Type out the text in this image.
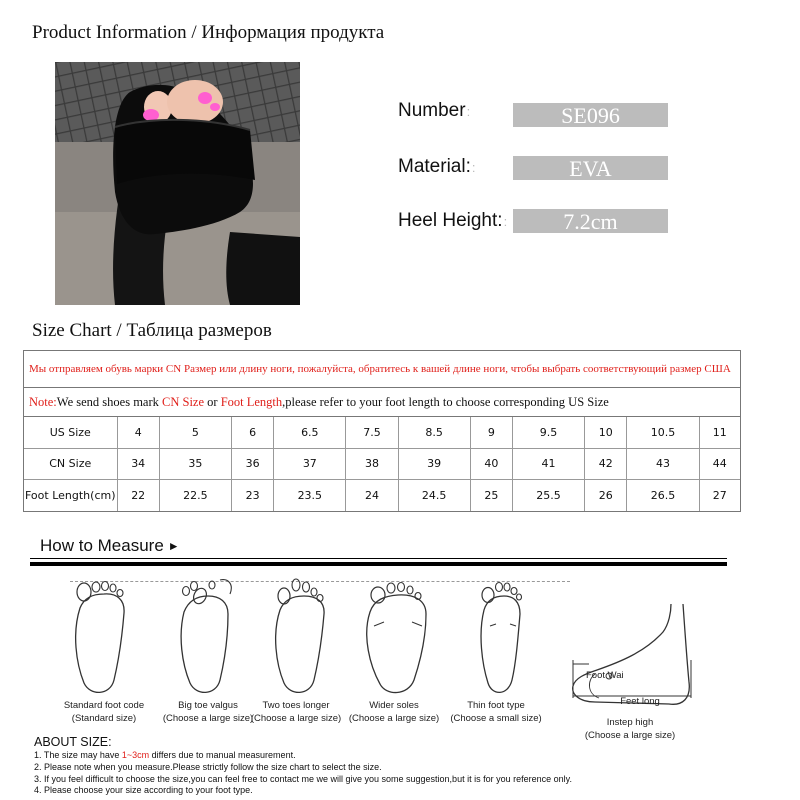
Product Information / Информация продукта
Number:	SE096
Material::	EVA
Heel Height::	7.2cm
Size Chart / Таблица размеров
Мы отправляем обувь марки CN Размер или длину ноги, пожалуйста, обратитесь к вашей длине ноги, чтобы выбрать соответствующий размер США
Note:We send shoes mark CN Size or Foot Length,please refer to your foot length to choose corresponding US Size
US Size	4	5	6	6.5	7.5	8.5	9	9.5	10	10.5	11
CN Size	34	35	36	37	38	39	40	41	42	43	44
Foot Length(cm)	22	22.5	23	23.5	24	24.5	25	25.5	26	26.5	27
How to Measure ►
Standard foot code
(Standard size)
Big toe valgus
(Choose a large size)
Two toes longer
(Choose a large size)
Wider soles
(Choose a large size)
Thin foot type
(Choose a small size)
Foot Wai
Feet long
Instep high
(Choose a large size)
ABOUT SIZE:
1. The size may have 1~3cm differs due to manual measurement.
2. Please note when you measure.Please strictly follow the size chart to select the size.
3. If you feel difficult to choose the size,you can feel free to contact me we will give you some suggestion,but it is for you reference only.
4. Please choose your size according to your foot type.
